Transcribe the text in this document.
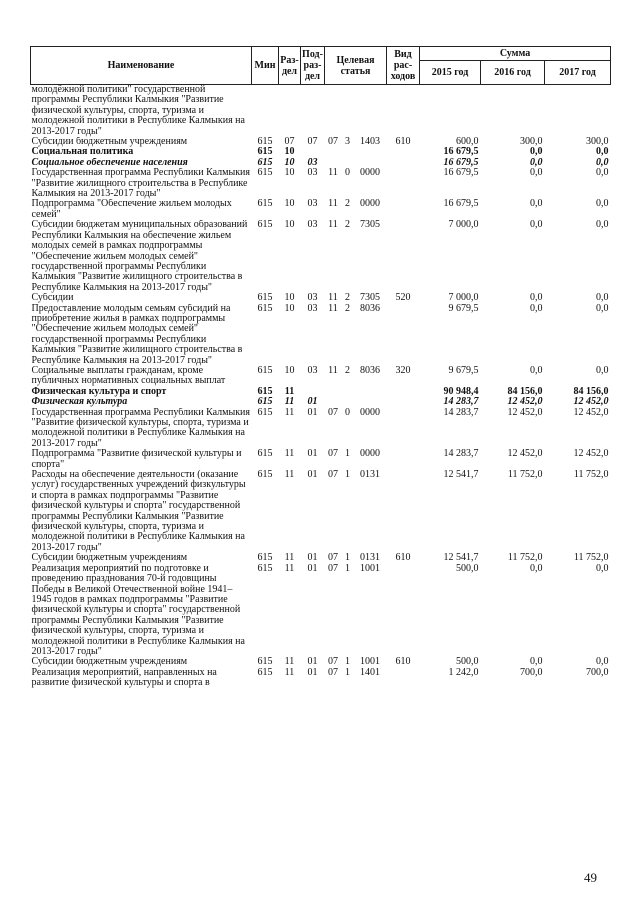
Наименование	Мин	Раз-дел	Под-раз-дел	Целевая статья			Вид рас-ходов	Сумма		
								2015 год	2016 год	2017 год
молодёжной политики" государственной программы Республики Калмыкия "Развитие физической культуры, спорта, туризма и молодежной политики в Республике Калмыкия на 2013-2017 годы"										
Субсидии бюджетным учреждениям	615	07	07	07	3	1403	610	600,0	300,0	300,0
Социальная политика	615	10						16 679,5	0,0	0,0
Социальное обеспечение населения	615	10	03					16 679,5	0,0	0,0
Государственная программа Республики Калмыкия "Развитие жилищного строительства в Республике Калмыкия на 2013-2017 годы"	615	10	03	11	0	0000		16 679,5	0,0	0,0
Подпрограмма "Обеспечение жильем молодых семей"	615	10	03	11	2	0000		16 679,5	0,0	0,0
Субсидии бюджетам муниципальных образований Республики Калмыкия на обеспечение жильем молодых семей в рамках подпрограммы "Обеспечение жильем молодых семей" государственной программы Республики Калмыкия "Развитие жилищного строительства в Республике Калмыкия на 2013-2017 годы"	615	10	03	11	2	7305		7 000,0	0,0	0,0
Субсидии	615	10	03	11	2	7305	520	7 000,0	0,0	0,0
Предоставление молодым семьям субсидий на приобретение жилья в рамках подпрограммы "Обеспечение жильем молодых семей" государственной программы Республики Калмыкия "Развитие жилищного строительства в Республике Калмыкия на 2013-2017 годы"	615	10	03	11	2	8036		9 679,5	0,0	0,0
Социальные выплаты гражданам, кроме публичных нормативных социальных выплат	615	10	03	11	2	8036	320	9 679,5	0,0	0,0
Физическая культура и спорт	615	11						90 948,4	84 156,0	84 156,0
Физическая культура	615	11	01					14 283,7	12 452,0	12 452,0
Государственная программа Республики Калмыкия "Развитие физической культуры, спорта, туризма и молодежной политики в Республике Калмыкия на 2013-2017 годы"	615	11	01	07	0	0000		14 283,7	12 452,0	12 452,0
Подпрограмма "Развитие физической культуры и спорта"	615	11	01	07	1	0000		14 283,7	12 452,0	12 452,0
Расходы на обеспечение деятельности (оказание услуг) государственных учреждений физкультуры и спорта в рамках подпрограммы "Развитие физической культуры и спорта" государственной программы Республики Калмыкия "Развитие физической культуры, спорта, туризма и молодежной политики в Республике Калмыкия на 2013-2017 годы"	615	11	01	07	1	0131		12 541,7	11 752,0	11 752,0
Субсидии бюджетным учреждениям	615	11	01	07	1	0131	610	12 541,7	11 752,0	11 752,0
Реализация мероприятий по подготовке и проведению празднования 70-й годовщины Победы в Великой Отечественной войне 1941–1945 годов в рамках подпрограммы "Развитие физической культуры и спорта" государственной программы Республики Калмыкия "Развитие физической культуры, спорта, туризма и молодежной политики в Республике Калмыкия на 2013-2017 годы"	615	11	01	07	1	1001		500,0	0,0	0,0
Субсидии бюджетным учреждениям	615	11	01	07	1	1001	610	500,0	0,0	0,0
Реализация мероприятий, направленных на развитие физической культуры и спорта в	615	11	01	07	1	1401		1 242,0	700,0	700,0
49
